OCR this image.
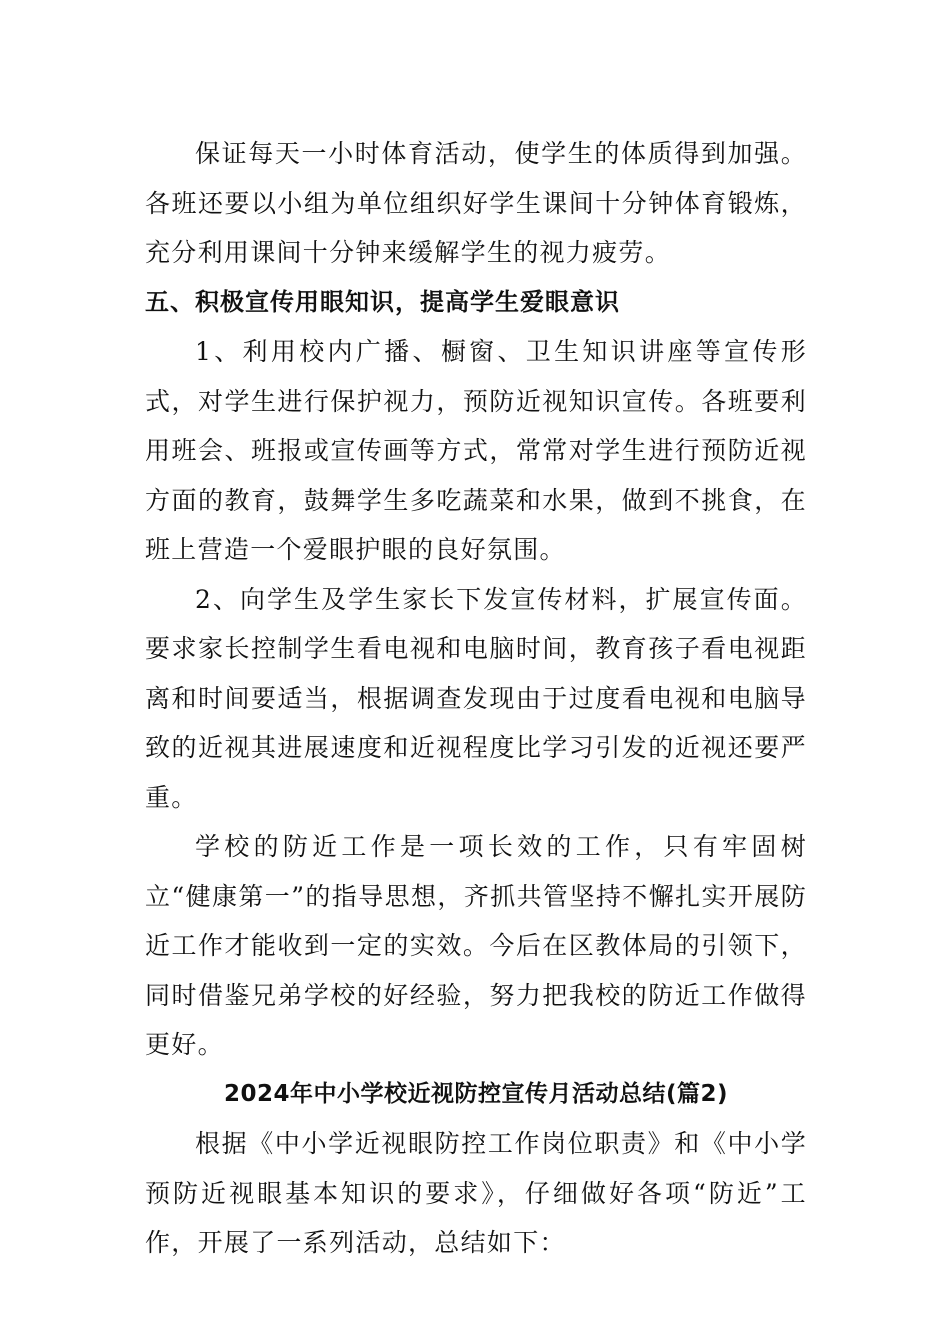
保证每天一小时体育活动，使学生的体质得到加强。各班还要以小组为单位组织好学生课间十分钟体育锻炼，充分利用课间十分钟来缓解学生的视力疲劳。

五、积极宣传用眼知识，提高学生爱眼意识

1、利用校内广播、橱窗、卫生知识讲座等宣传形式，对学生进行保护视力，预防近视知识宣传。各班要利用班会、班报或宣传画等方式，常常对学生进行预防近视方面的教育，鼓舞学生多吃蔬菜和水果，做到不挑食，在班上营造一个爱眼护眼的良好氛围。

2、向学生及学生家长下发宣传材料，扩展宣传面。要求家长控制学生看电视和电脑时间，教育孩子看电视距离和时间要适当，根据调查发现由于过度看电视和电脑导致的近视其进展速度和近视程度比学习引发的近视还要严重。

学校的防近工作是一项长效的工作，只有牢固树立“健康第一”的指导思想，齐抓共管坚持不懈扎实开展防近工作才能收到一定的实效。今后在区教体局的引领下，同时借鉴兄弟学校的好经验，努力把我校的防近工作做得更好。

2024年中小学校近视防控宣传月活动总结(篇2)

根据《中小学近视眼防控工作岗位职责》和《中小学预防近视眼基本知识的要求》，仔细做好各项“防近”工作，开展了一系列活动，总结如下：
